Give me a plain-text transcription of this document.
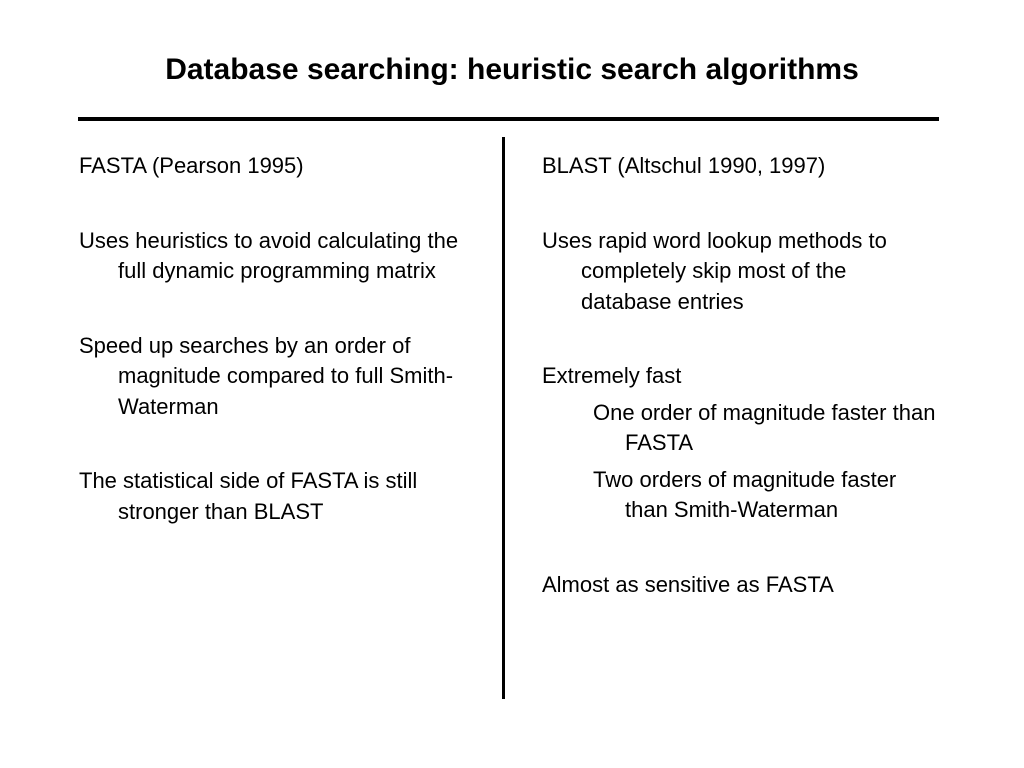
Database searching: heuristic search algorithms

FASTA (Pearson 1995)

Uses heuristics to avoid calculating the full dynamic programming matrix

Speed up searches by an order of magnitude compared to full Smith-Waterman

The statistical side of FASTA is still stronger than BLAST

BLAST (Altschul 1990, 1997)

Uses rapid word lookup methods to completely skip most of the database entries

Extremely fast

One order of magnitude faster than FASTA

Two orders of magnitude faster than Smith-Waterman

Almost as sensitive as FASTA
